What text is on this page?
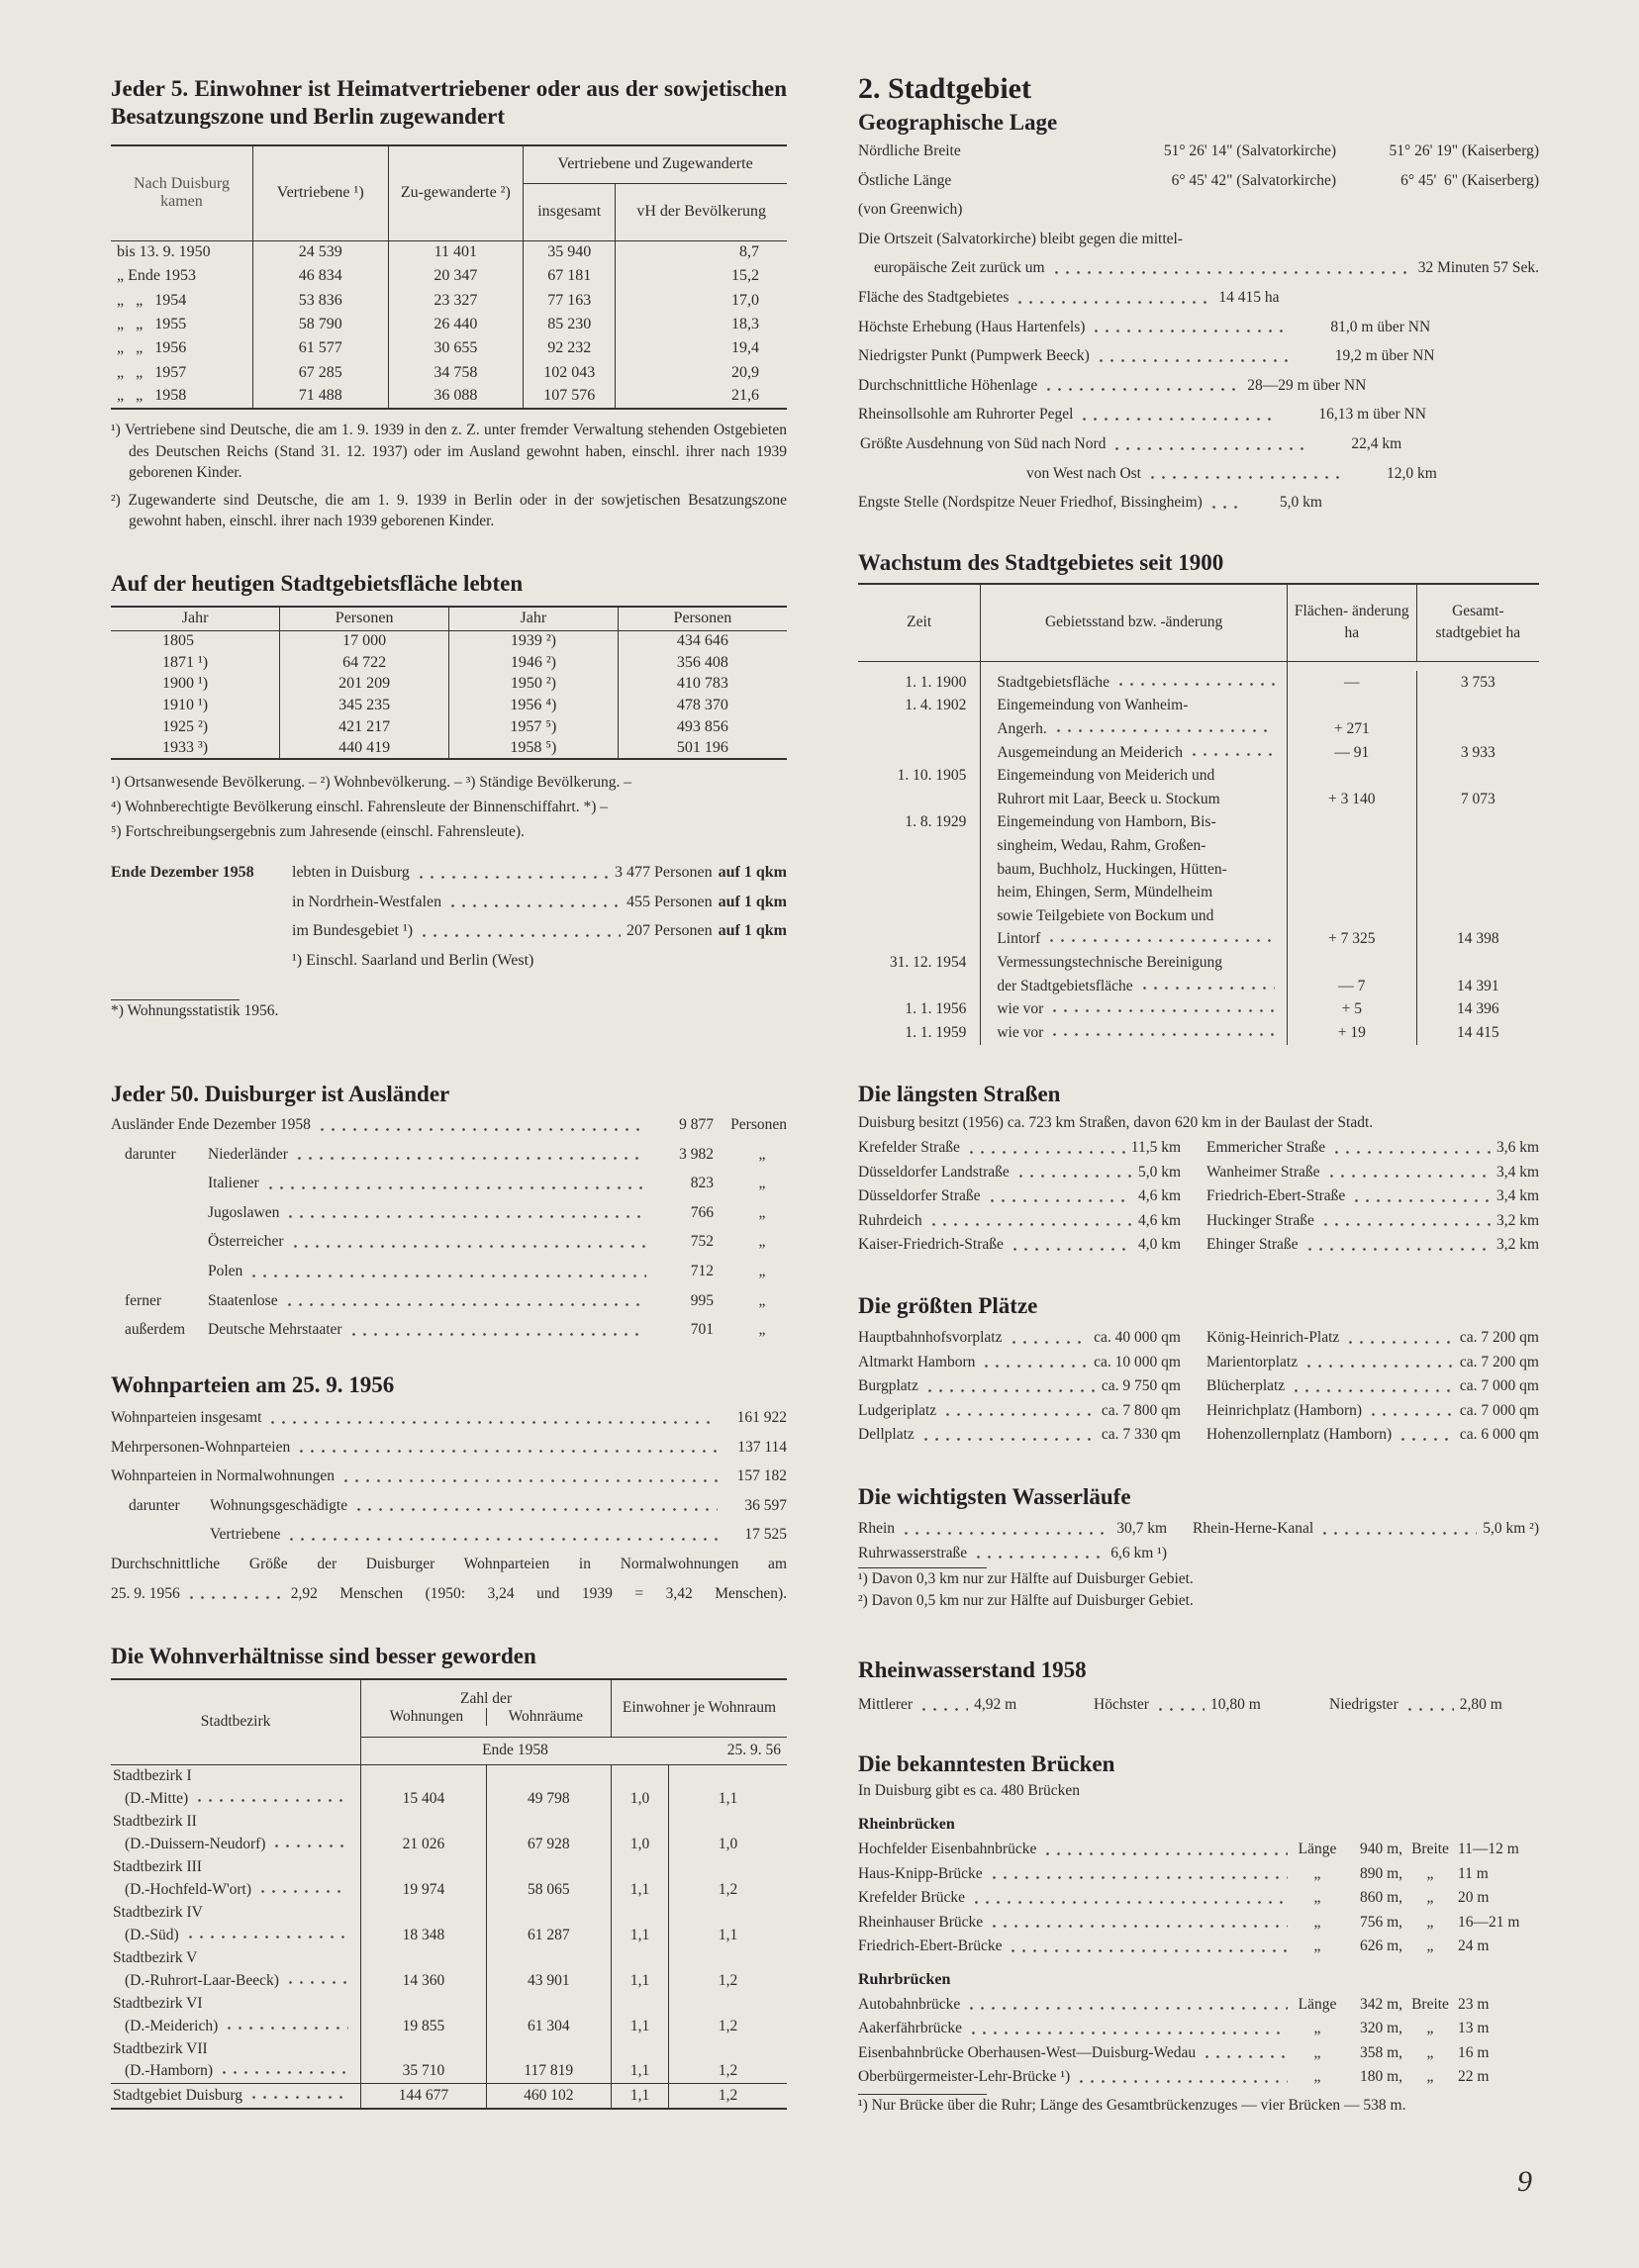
Jeder 5. Einwohner ist Heimatvertriebener oder aus der sowjetischen Besatzungszone und Berlin zugewandert
Nach Duisburg kamen	Vertriebene ¹)	Zu-gewanderte ²)	Vertriebene und Zugewanderte	
			insgesamt	vH der Bevölkerung
bis 13. 9. 1950	24 539	11 401	35 940	8,7
„ Ende 1953	46 834	20 347	67 181	15,2
„   „   1954	53 836	23 327	77 163	17,0
„   „   1955	58 790	26 440	85 230	18,3
„   „   1956	61 577	30 655	92 232	19,4
„   „   1957	67 285	34 758	102 043	20,9
„   „   1958	71 488	36 088	107 576	21,6

¹) Vertriebene sind Deutsche, die am 1. 9. 1939 in den z. Z. unter fremder Verwaltung stehenden Ostgebieten des Deutschen Reichs (Stand 31. 12. 1937) oder im Ausland gewohnt haben, einschl. ihrer nach 1939 geborenen Kinder.

²) Zugewanderte sind Deutsche, die am 1. 9. 1939 in Berlin oder in der sowjetischen Besatzungszone gewohnt haben, einschl. ihrer nach 1939 geborenen Kinder.

Auf der heutigen Stadtgebietsfläche lebten
Jahr	Personen	Jahr	Personen
1805	17 000	1939 ²)	434 646
1871 ¹)	64 722	1946 ²)	356 408
1900 ¹)	201 209	1950 ²)	410 783
1910 ¹)	345 235	1956 ⁴)	478 370
1925 ²)	421 217	1957 ⁵)	493 856
1933 ³)	440 419	1958 ⁵)	501 196
¹) Ortsanwesende Bevölkerung. – ²) Wohnbevölkerung. – ³) Ständige Bevölkerung. –
⁴) Wohnberechtigte Bevölkerung einschl. Fahrensleute der Binnenschiffahrt. *) –
⁵) Fortschreibungsergebnis zum Jahresende (einschl. Fahrensleute).
Ende Dezember 1958	lebten in Duisburg	3 477 Personen auf 1 qkm
in Nordrhein-Westfalen	455 Personen auf 1 qkm
im Bundesgebiet ¹)	207 Personen auf 1 qkm
¹) Einschl. Saarland und Berlin (West)
*) Wohnungsstatistik 1956.
Jeder 50. Duisburger ist Ausländer
Ausländer Ende Dezember 1958	9 877	Personen
darunter	Niederländer	3 982	„
Italiener	823	„
Jugoslawen	766	„
Österreicher	752	„
Polen	712	„
ferner	Staatenlose	995	„
außerdem	Deutsche Mehrstaater	701	„
Wohnparteien am 25. 9. 1956
Wohnparteien insgesamt	161 922
Mehrpersonen-Wohnparteien	137 114
Wohnparteien in Normalwohnungen	157 182
darunter	Wohnungsgeschädigte	36 597
Vertriebene	17 525
Durchschnittliche Größe der Duisburger Wohnparteien in Normalwohnungen am
25. 9. 1956	2,92 Menschen (1950: 3,24 und 1939 = 3,42 Menschen).
Die Wohnverhältnisse sind besser geworden
Stadtbezirk	Zahl der
Wohnungen Wohnräume		Einwohner je Wohnraum	
	Ende 1958			25. 9. 56
Stadtbezirk I				

(D.-Mitte)	15 404	49 798	1,0	1,1
Stadtbezirk II				

(D.-Duissern-Neudorf)	21 026	67 928	1,0	1,0
Stadtbezirk III				

(D.-Hochfeld-W'ort)	19 974	58 065	1,1	1,2
Stadtbezirk IV				

(D.-Süd)	18 348	61 287	1,1	1,1
Stadtbezirk V				

(D.-Ruhrort-Laar-Beeck)	14 360	43 901	1,1	1,2
Stadtbezirk VI				

(D.-Meiderich)	19 855	61 304	1,1	1,2
Stadtbezirk VII				

(D.-Hamborn)	35 710	117 819	1,1	1,2

Stadtgebiet Duisburg	144 677	460 102	1,1	1,2
2. Stadtgebiet
Geographische Lage
Nördliche Breite	51° 26' 14" (Salvatorkirche)	51° 26' 19" (Kaiserberg)
Östliche Länge	6° 45' 42" (Salvatorkirche)	6° 45'  6" (Kaiserberg)
(von Greenwich)
Die Ortszeit (Salvatorkirche) bleibt gegen die mittel-
europäische Zeit zurück um	32 Minuten 57 Sek.
Fläche des Stadtgebietes	14 415 ha
Höchste Erhebung (Haus Hartenfels)	81,0 m über NN
Niedrigster Punkt (Pumpwerk Beeck)	19,2 m über NN
Durchschnittliche Höhenlage	28—29 m über NN
Rheinsollsohle am Ruhrorter Pegel	16,13 m über NN
Größte Ausdehnung von Süd nach Nord	22,4 km
von West nach Ost	12,0 km
Engste Stelle (Nordspitze Neuer Friedhof, Bissingheim)	5,0 km
Wachstum des Stadtgebietes seit 1900
Zeit	Gebietsstand bzw. -änderung	Flächen- änderung ha	Gesamt- stadtgebiet ha

1. 1. 1900	Stadtgebietsfläche	—	3 753
1. 4. 1902	Eingemeindung von Wanheim-		

	Angerh.	+ 271	

	Ausgemeindung an Meiderich	— 91	3 933
1. 10. 1905	Eingemeindung von Meiderich und		

	Ruhrort mit Laar, Beeck u. Stockum	+ 3 140	7 073
1. 8. 1929	Eingemeindung von Hamborn, Bis-		

	singheim, Wedau, Rahm, Großen-		

	baum, Buchholz, Huckingen, Hütten-		

	heim, Ehingen, Serm, Mündelheim		

	sowie Teilgebiete von Bockum und		

	Lintorf	+ 7 325	14 398
31. 12. 1954	Vermessungstechnische Bereinigung		

	der Stadtgebietsfläche	— 7	14 391
1. 1. 1956	wie vor	+ 5	14 396
1. 1. 1959	wie vor	+ 19	14 415
Die längsten Straßen
Duisburg besitzt (1956) ca. 723 km Straßen, davon 620 km in der Baulast der Stadt.
Krefelder Straße	11,5 km
Düsseldorfer Landstraße	5,0 km
Düsseldorfer Straße	4,6 km
Ruhrdeich	4,6 km
Kaiser-Friedrich-Straße	4,0 km
Emmericher Straße	3,6 km
Wanheimer Straße	3,4 km
Friedrich-Ebert-Straße	3,4 km
Huckinger Straße	3,2 km
Ehinger Straße	3,2 km
Die größten Plätze
Hauptbahnhofsvorplatz	ca. 40 000 qm
Altmarkt Hamborn	ca. 10 000 qm
Burgplatz	ca. 9 750 qm
Ludgeriplatz	ca. 7 800 qm
Dellplatz	ca. 7 330 qm
König-Heinrich-Platz	ca. 7 200 qm
Marientorplatz	ca. 7 200 qm
Blücherplatz	ca. 7 000 qm
Heinrichplatz (Hamborn)	ca. 7 000 qm
Hohenzollernplatz (Hamborn)	ca. 6 000 qm
Die wichtigsten Wasserläufe
Rhein	30,7 km
Ruhrwasserstraße	6,6 km ¹)
Rhein-Herne-Kanal	5,0 km ²)
¹) Davon 0,3 km nur zur Hälfte auf Duisburger Gebiet.
²) Davon 0,5 km nur zur Hälfte auf Duisburger Gebiet.
Rheinwasserstand 1958
Mittlerer	4,92 m	Höchster	10,80 m	Niedrigster	2,80 m
Die bekanntesten Brücken
In Duisburg gibt es ca. 480 Brücken
Rheinbrücken
Hochfelder Eisenbahnbrücke	Länge	940 m, Breite 11—12 m
Haus-Knipp-Brücke	„	890 m,	„	11 m
Krefelder Brücke	„	860 m,	„	20 m
Rheinhauser Brücke	„	756 m,	„	16—21 m
Friedrich-Ebert-Brücke	„	626 m,	„	24 m
Ruhrbrücken
Autobahnbrücke	Länge	342 m, Breite 23 m
Aakerfährbrücke	„	320 m,	„	13 m
Eisenbahnbrücke Oberhausen-West—Duisburg-Wedau	„	358 m,	„	16 m
Oberbürgermeister-Lehr-Brücke ¹)	„	180 m,	„	22 m
¹) Nur Brücke über die Ruhr; Länge des Gesamtbrückenzuges — vier Brücken — 538 m.
9
